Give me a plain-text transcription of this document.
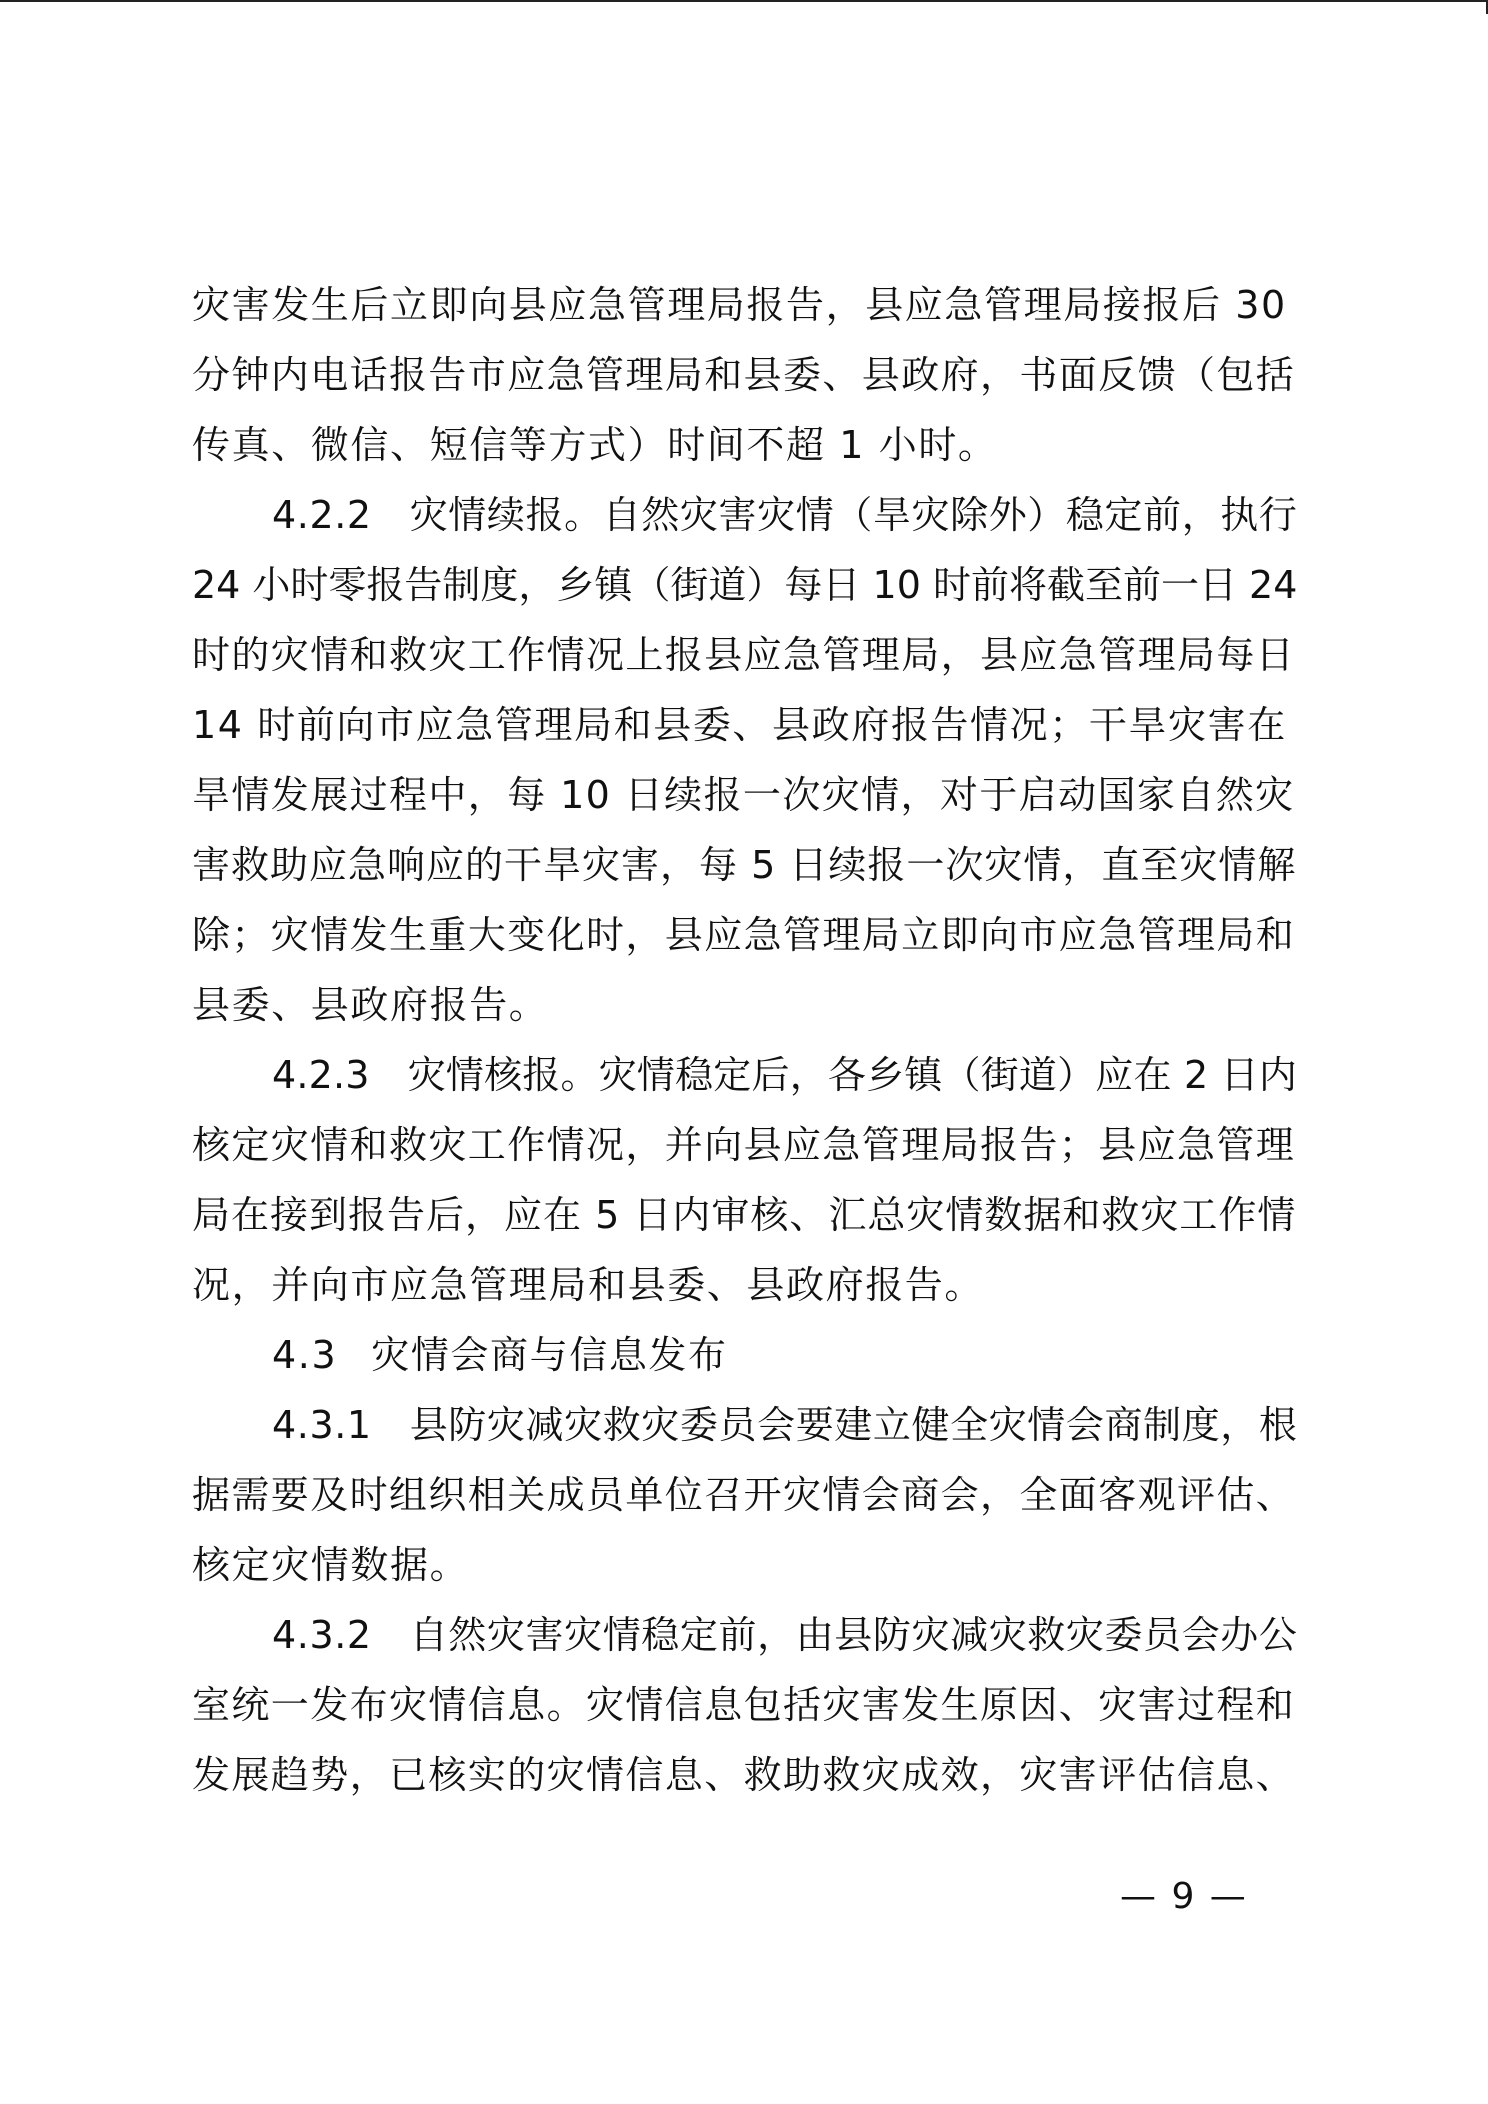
灾害发生后立即向县应急管理局报告，县应急管理局接报后 30
分钟内电话报告市应急管理局和县委、县政府，书面反馈（包括
传真、微信、短信等方式）时间不超 1 小时。
4.2.2 灾情续报。自然灾害灾情（旱灾除外）稳定前，执行
24 小时零报告制度，乡镇（街道）每日 10 时前将截至前一日 24
时的灾情和救灾工作情况上报县应急管理局，县应急管理局每日
14 时前向市应急管理局和县委、县政府报告情况；干旱灾害在
旱情发展过程中，每 10 日续报一次灾情，对于启动国家自然灾
害救助应急响应的干旱灾害，每 5 日续报一次灾情，直至灾情解
除；灾情发生重大变化时，县应急管理局立即向市应急管理局和
县委、县政府报告。
4.2.3 灾情核报。灾情稳定后，各乡镇（街道）应在 2 日内
核定灾情和救灾工作情况，并向县应急管理局报告；县应急管理
局在接到报告后，应在 5 日内审核、汇总灾情数据和救灾工作情
况，并向市应急管理局和县委、县政府报告。
4.3 灾情会商与信息发布
4.3.1 县防灾减灾救灾委员会要建立健全灾情会商制度，根
据需要及时组织相关成员单位召开灾情会商会，全面客观评估、
核定灾情数据。
4.3.2 自然灾害灾情稳定前，由县防灾减灾救灾委员会办公
室统一发布灾情信息。灾情信息包括灾害发生原因、灾害过程和
发展趋势，已核实的灾情信息、救助救灾成效，灾害评估信息、
— 9 —
